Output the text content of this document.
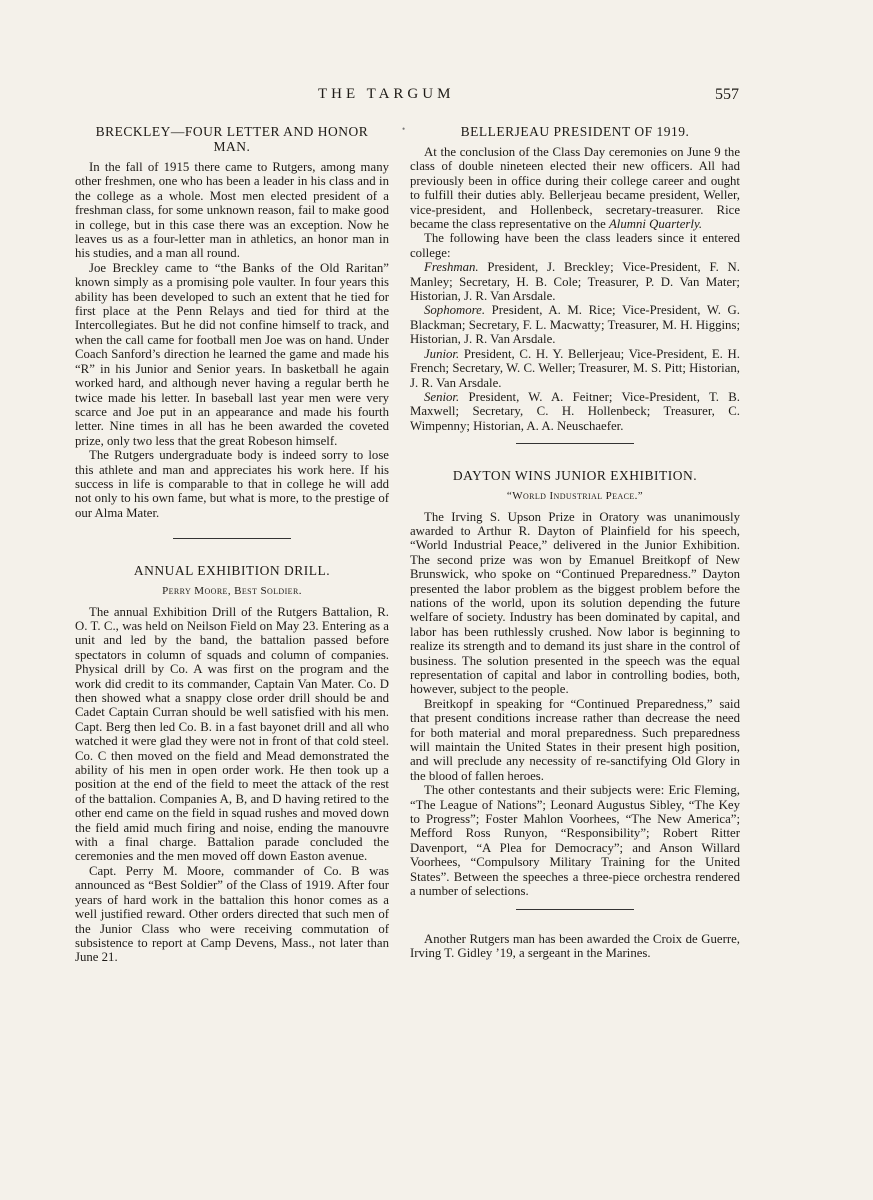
THE TARGUM	557
•
BRECKLEY—FOUR LETTER AND HONOR MAN.

In the fall of 1915 there came to Rutgers, among many other freshmen, one who has been a leader in his class and in the college as a whole. Most men elected president of a freshman class, for some unknown reason, fail to make good in college, but in this case there was an exception. Now he leaves us as a four-letter man in athletics, an honor man in his studies, and a man all round.

Joe Breckley came to “the Banks of the Old Raritan” known simply as a promising pole vaulter. In four years this ability has been developed to such an extent that he tied for first place at the Penn Relays and tied for third at the Intercollegiates. But he did not confine himself to track, and when the call came for football men Joe was on hand. Under Coach Sanford’s direction he learned the game and made his “R” in his Junior and Senior years. In basketball he again worked hard, and although never having a regular berth he twice made his letter. In baseball last year men were very scarce and Joe put in an appearance and made his fourth letter. Nine times in all has he been awarded the coveted prize, only two less that the great Robeson himself.

The Rutgers undergraduate body is indeed sorry to lose this athlete and man and appreciates his work here. If his success in life is comparable to that in college he will add not only to his own fame, but what is more, to the prestige of our Alma Mater.

ANNUAL EXHIBITION DRILL.
Perry Moore, Best Soldier.

The annual Exhibition Drill of the Rutgers Battalion, R. O. T. C., was held on Neilson Field on May 23. Entering as a unit and led by the band, the battalion passed before spectators in column of squads and column of companies. Physical drill by Co. A was first on the program and the work did credit to its commander, Captain Van Mater. Co. D then showed what a snappy close order drill should be and Cadet Captain Curran should be well satisfied with his men. Capt. Berg then led Co. B. in a fast bayonet drill and all who watched it were glad they were not in front of that cold steel. Co. C then moved on the field and Mead demonstrated the ability of his men in open order work. He then took up a position at the end of the field to meet the attack of the rest of the battalion. Companies A, B, and D having retired to the other end came on the field in squad rushes and moved down the field amid much firing and noise, ending the manouvre with a final charge. Battalion parade concluded the ceremonies and the men moved off down Easton avenue.

Capt. Perry M. Moore, commander of Co. B was announced as “Best Soldier” of the Class of 1919. After four years of hard work in the battalion this honor comes as a well justified reward. Other orders directed that such men of the Junior Class who were receiving commutation of subsistence to report at Camp Devens, Mass., not later than June 21.

BELLERJEAU PRESIDENT OF 1919.

At the conclusion of the Class Day ceremonies on June 9 the class of double nineteen elected their new officers. All had previously been in office during their college career and ought to fulfill their duties ably. Bellerjeau became president, Weller, vice-president, and Hollenbeck, secretary-treasurer. Rice became the class representative on the Alumni Quarterly.

The following have been the class leaders since it entered college:

Freshman. President, J. Breckley; Vice-President, F. N. Manley; Secretary, H. B. Cole; Treasurer, P. D. Van Mater; Historian, J. R. Van Arsdale.

Sophomore. President, A. M. Rice; Vice-President, W. G. Blackman; Secretary, F. L. Macwatty; Treasurer, M. H. Higgins; Historian, J. R. Van Arsdale.

Junior. President, C. H. Y. Bellerjeau; Vice-President, E. H. French; Secretary, W. C. Weller; Treasurer, M. S. Pitt; Historian, J. R. Van Arsdale.

Senior. President, W. A. Feitner; Vice-President, T. B. Maxwell; Secretary, C. H. Hollenbeck; Treasurer, C. Wimpenny; Historian, A. A. Neuschaefer.

DAYTON WINS JUNIOR EXHIBITION.
“World Industrial Peace.”

The Irving S. Upson Prize in Oratory was unanimously awarded to Arthur R. Dayton of Plainfield for his speech, “World Industrial Peace,” delivered in the Junior Exhibition. The second prize was won by Emanuel Breitkopf of New Brunswick, who spoke on “Continued Preparedness.” Dayton presented the labor problem as the biggest problem before the nations of the world, upon its solution depending the future welfare of society. Industry has been dominated by capital, and labor has been ruthlessly crushed. Now labor is beginning to realize its strength and to demand its just share in the control of business. The solution presented in the speech was the equal representation of capital and labor in controlling bodies, both, however, subject to the people.

Breitkopf in speaking for “Continued Preparedness,” said that present conditions increase rather than decrease the need for both material and moral preparedness. Such preparedness will maintain the United States in their present high position, and will preclude any necessity of re-sanctifying Old Glory in the blood of fallen heroes.

The other contestants and their subjects were: Eric Fleming, “The League of Nations”; Leonard Augustus Sibley, “The Key to Progress”; Foster Mahlon Voorhees, “The New America”; Mefford Ross Runyon, “Responsibility”; Robert Ritter Davenport, “A Plea for Democracy”; and Anson Willard Voorhees, “Compulsory Military Training for the United States”. Between the speeches a three-piece orchestra rendered a number of selections.

Another Rutgers man has been awarded the Croix de Guerre, Irving T. Gidley ’19, a sergeant in the Marines.
